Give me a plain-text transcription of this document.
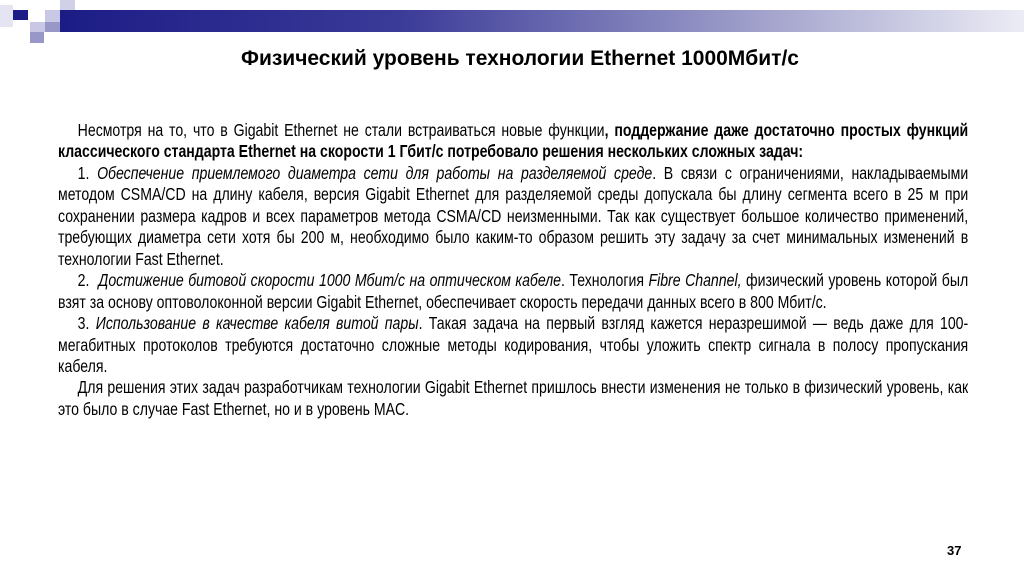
Физический уровень технологии Ethernet 1000Мбит/с

Несмотря на то, что в Gigabit Ethernet не стали встраиваться новые функции, поддержание даже достаточно простых функций классического стандарта Ethernet на скорости 1 Гбит/с потребовало решения нескольких сложных задач:

1. Обеспечение приемлемого диаметра сети для работы на разделяемой среде. В связи с ограничениями, накладываемыми методом CSMA/CD на длину кабеля, версия Gigabit Ethernet для разделяемой среды допускала бы длину сегмента всего в 25 м при сохранении размера кадров и всех параметров метода CSMA/CD неизменными. Так как существует большое количество применений, требующих диаметра сети хотя бы 200 м, необходимо было каким-то образом решить эту задачу за счет минимальных изменений в технологии Fast Ethernet.

2.  Достижение битовой скорости 1000 Мбит/с на оптическом кабеле. Технология Fibre Channel, физический уровень которой был взят за основу оптоволоконной версии Gigabit Ethernet, обеспечивает скорость передачи данных всего в 800 Мбит/с.

3. Использование в качестве кабеля витой пары. Такая задача на первый взгляд кажется неразрешимой — ведь даже для 100-мегабитных протоколов требуются достаточно сложные методы кодирования, чтобы уложить спектр сигнала в полосу пропускания кабеля.

Для решения этих задач разработчикам технологии Gigabit Ethernet пришлось внести изменения не только в физический уровень, как это было в случае Fast Ethernet, но и в уровень MAC.

37
